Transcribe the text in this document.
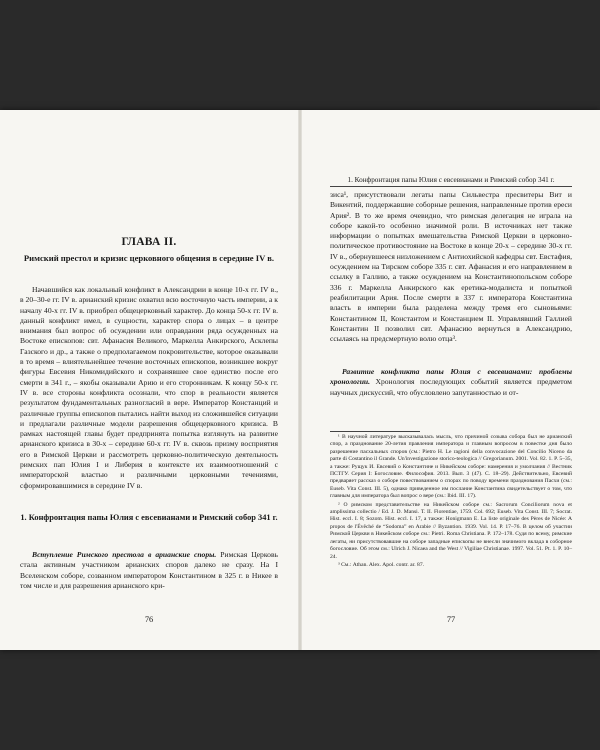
ГЛАВА II.
Римский престол и кризис церковного общения в середине IV в.

Начавшийся как локальный конфликт в Александрии в конце 10-х гг. IV в., в 20–30-е гг. IV в. арианский кризис охватил всю восточную часть империи, а к началу 40-х гг. IV в. приобрел общецерковный характер. До конца 50-х гг. IV в. данный конфликт имел, в сущности, характер спора о лицах – в центре внимания был вопрос об осуждении или оправдании ряда осужденных на Востоке епископов: свт. Афанасия Великого, Маркелла Анкирского, Асклепы Газского и др., а также о предполагаемом покровительстве, которое оказывали в то время – влиятельнейшее течение восточных епископов, возникшее вокруг фигуры Евсевия Никомидийского и сохранявшее свое единство после его смерти в 341 г., – якобы оказывали Арию и его сторонникам. К концу 50-х гг. IV в. все стороны конфликта осознали, что спор в реальности является результатом фундаментальных разногласий в вере. Император Констанций и различные группы епископов пытались найти выход из сложившейся ситуации и предлагали различные модели разрешения общецерковного кризиса. В рамках настоящей главы будет предпринята попытка взглянуть на развитие арианского кризиса в 30-х – середине 60-х гг. IV в. сквозь призму восприятия его в Римской Церкви и рассмотреть церковно-политическую деятельность римских пап Юлия I и Либерия в контексте их взаимоотношений с императорской властью и различными церковными течениями, сформировавшимися в середине IV в.

1. Конфронтация папы Юлия с евсевианами и Римский собор 341 г.

Вступление Римского престола в арианские споры. Римская Церковь стала активным участником арианских споров далеко не сразу. На I Вселенском соборе, созванном императором Константином в 325 г. в Никее в том числе и для разрешения арианского кри-

76
1. Конфронтация папы Юлия с евсевианами и Римский собор 341 г.

зиса¹, присутствовали легаты папы Сильвестра пресвитеры Вит и Викентий, поддержавшие соборные решения, направленные против ереси Ария². В то же время очевидно, что римская делегация не играла на соборе какой-то особенно значимой роли. В источниках нет также информации о попытках вмешательства Римской Церкви в церковно-политическое противостояние на Востоке в конце 20-х – середине 30-х гг. IV в., обернувшееся низложением с Антиохийской кафедры свт. Евстафия, осуждением на Тирском соборе 335 г. свт. Афанасия и его направлением в ссылку в Галлию, а также осуждением на Константинопольском соборе 336 г. Маркелла Анкирского как еретика-модалиста и попыткой реабилитации Ария. После смерти в 337 г. императора Константина власть в империи была разделена между тремя его сыновьями: Константином II, Константом и Констанцием II. Управлявший Галлией Константин II позволил свт. Афанасию вернуться в Александрию, ссылаясь на предсмертную волю отца³.

Развитие конфликта папы Юлия с евсевианами: проблемы хронологии. Хронология последующих событий является предметом научных дискуссий, что обусловлено запутанностью и от-

¹ В научной литературе высказывалась мысль, что причиной созыва собора был не арианский спор, а празднование 20-летия правления императора и главным вопросом в повестке дня было разрешение пасхальных споров (см.: Pietro H. Le ragioni della convocazione del Concilio Niceno da parte di Costantino il Grande. Un'investigazione storico-teologica // Gregorianum. 2001. Vol. 82. 1. P. 5–35, а также: Рущук И. Евсевий о Константине и Никейском соборе: намерения и умолчания // Вестник ПСТГУ. Серия I: Богословие. Философия. 2013. Вып. 3 (47). С. 18–29). Действительно, Евсевий предваряет рассказ о соборе повествованием о спорах по поводу времени празднования Пасхи (см.: Euseb. Vita Const. III. 5), однако приведенное им послание Константина свидетельствует о том, что главным для императора был вопрос о вере (см.: Ibid. III. 17).

² О римском представительстве на Никейском соборе см.: Sacrorum Conciliorum nova et amplissima collectio / Ed. J. D. Mansi. T. II. Florentiae, 1759. Col. 692; Euseb. Vita Const. III. 7; Socrat. Hist. eccl. I. 8; Sozom. Hist. eccl. I. 17, а также: Honigmann E. La liste originale des Pères de Nicée: A propos de l'Évêché de “Sodoma” en Arabie // Byzantion. 1939. Vol. 14. P. 17–76. В целом об участии Римской Церкви в Никейском соборе см.: Pietri. Roma Christiana. P. 172–178. Судя по всему, римские легаты, ни присутствовавшие на соборе западные епископы не внесли значимого вклада в соборное богословие. Об этом см.: Ulrich J. Nicaea and the West // Vigiliae Christianae. 1997. Vol. 51. Pt. 1. P. 10–24.

³ См.: Athan. Alex. Apol. contr. ar. 87.

77
